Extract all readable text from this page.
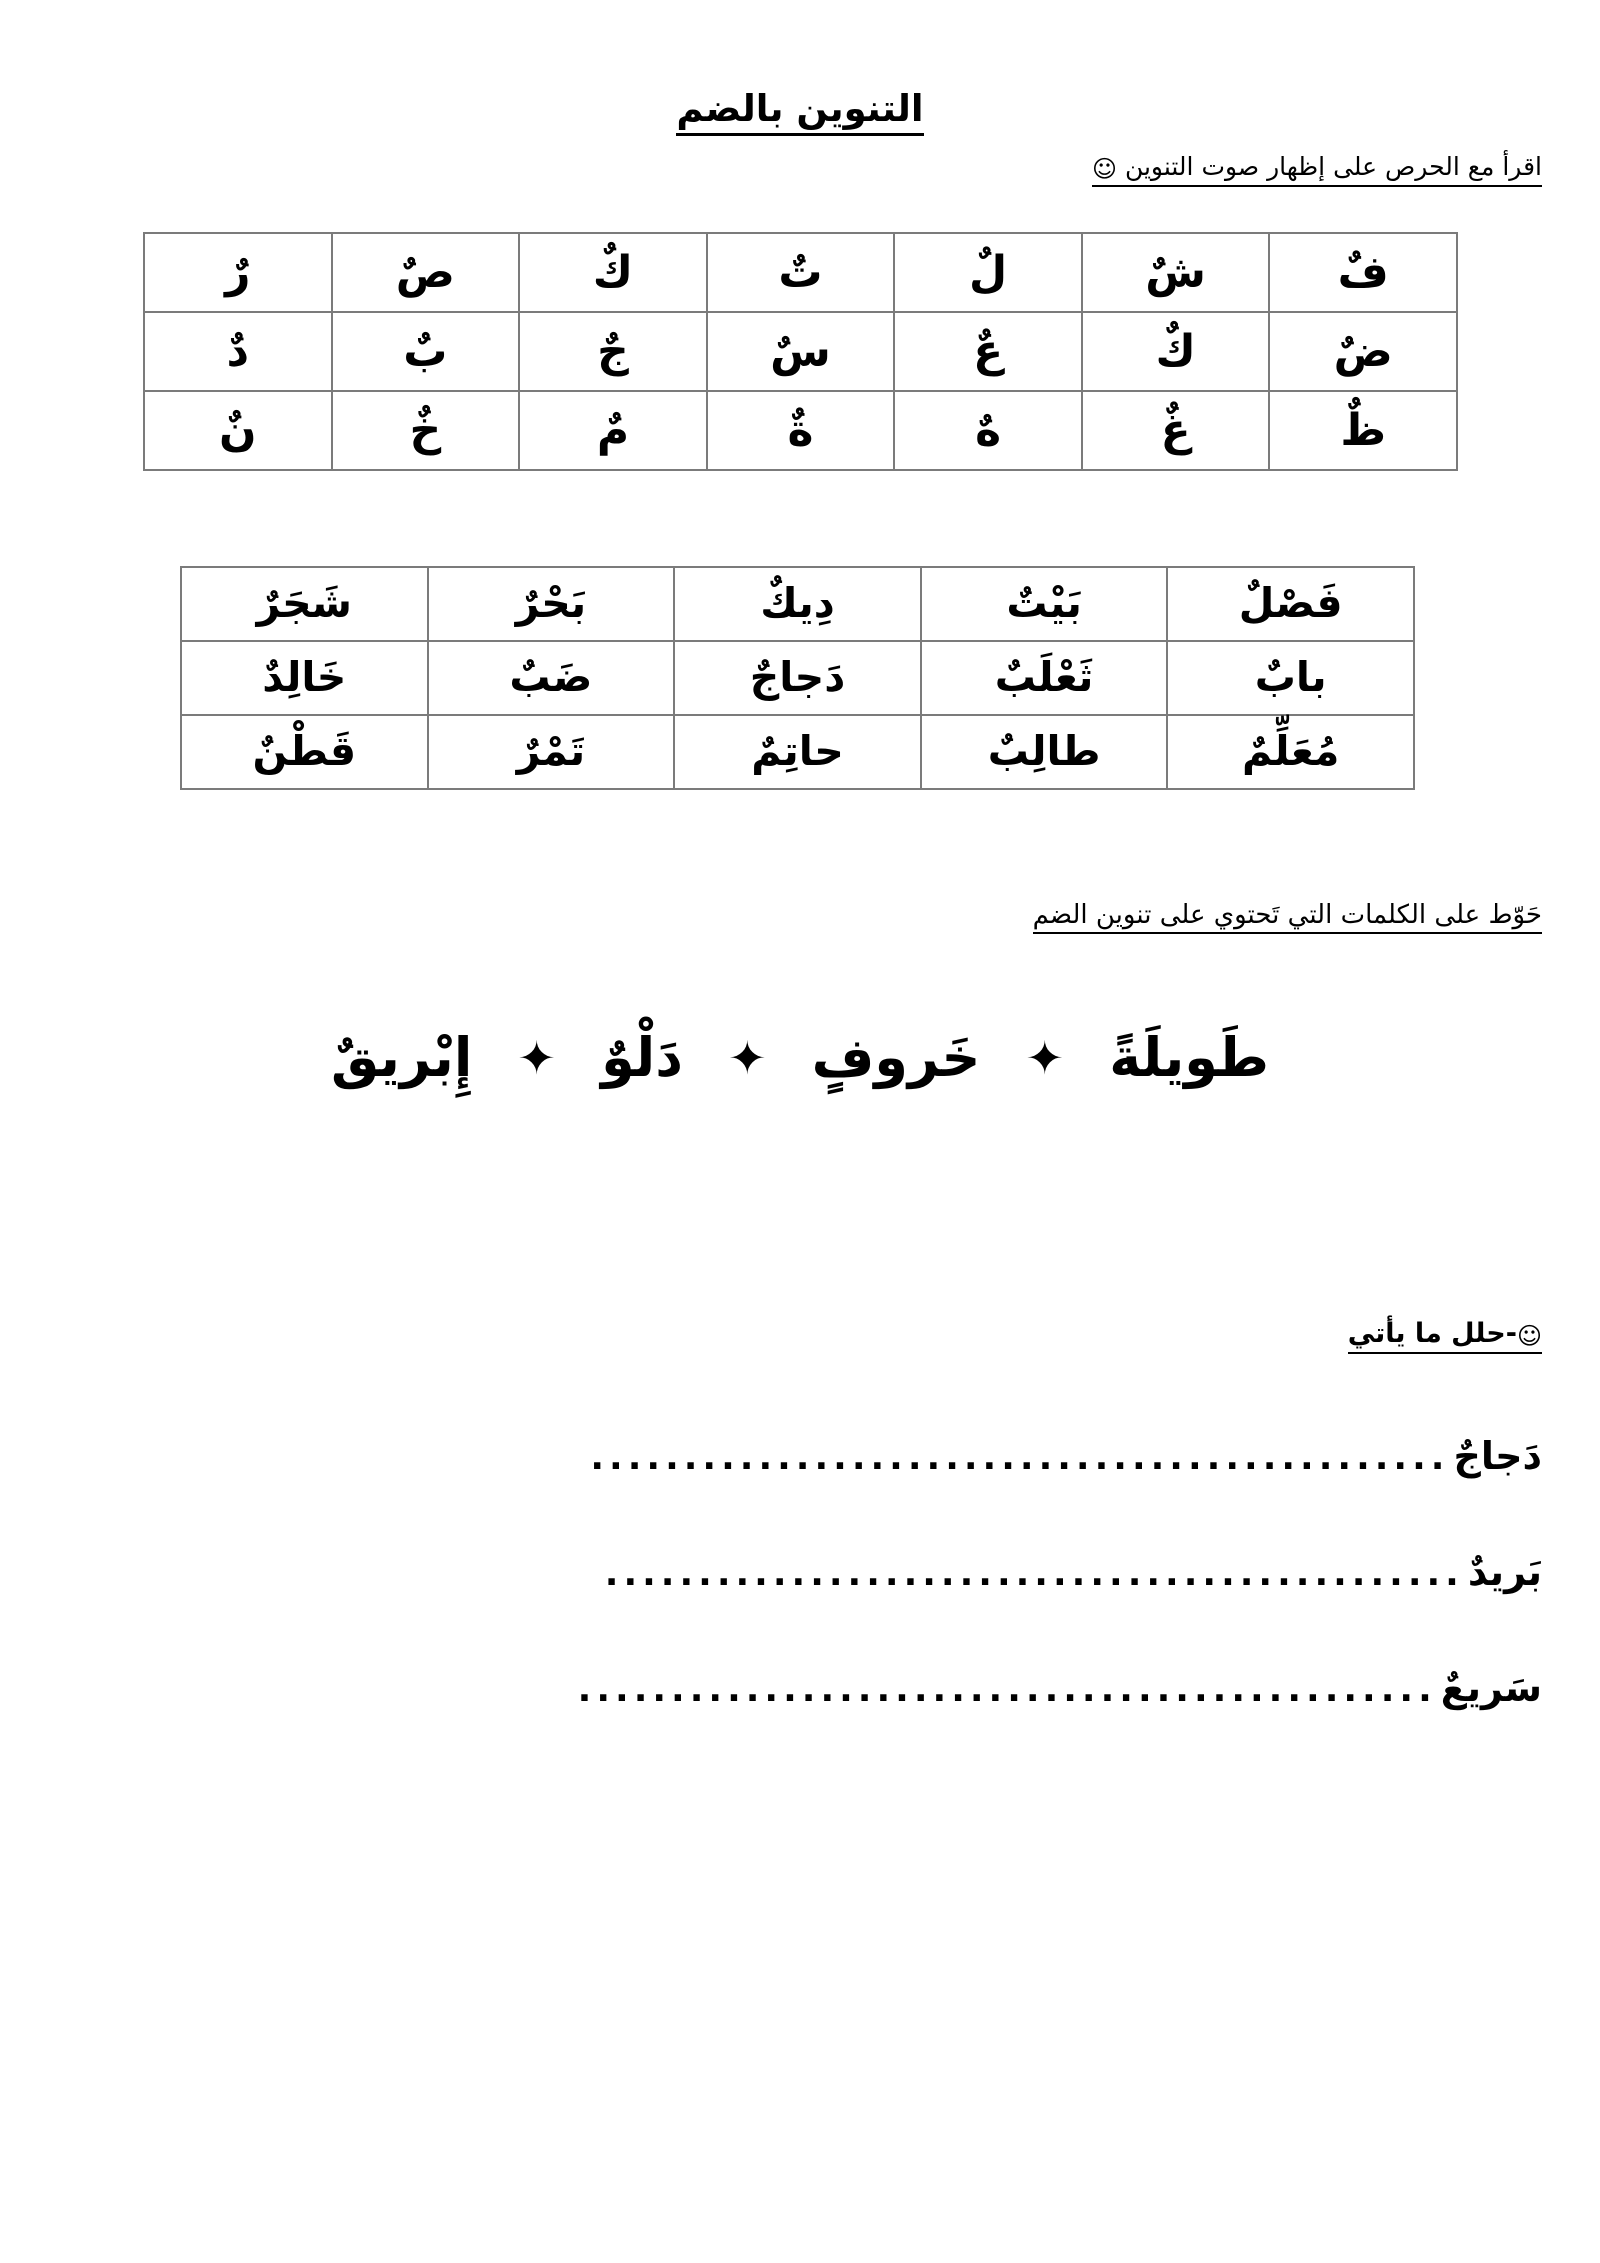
التنوين بالضم
اقرأ مع الحرص على إظهار صوت التنوين ☺
فٌ	شٌ	لٌ	تٌ	كٌ	صٌ	رٌ
ضٌ	كٌ	عٌ	سٌ	جٌ	بٌ	دٌ
ظٌ	غٌ	هٌ	ةٌ	مٌ	خٌ	نٌ
فَصْلٌ	بَيْتٌ	دِيكٌ	بَحْرٌ	شَجَرٌ
بابٌ	ثَعْلَبٌ	دَجاجٌ	ضَبٌ	خَالِدٌ
مُعَلِّمٌ	طالِبٌ	حاتِمٌ	تَمْرٌ	قَطْنٌ
حَوّط على الكلمات التي تَحتوي على تنوين الضم
طَويلَةً ✦ خَروفٍ ✦ دَلْوٌ ✦ إِبْريقٌ
☺-حلل ما يأتي
دَجاجٌ
..............................................
بَريدٌ
..............................................
سَريعٌ
..............................................
